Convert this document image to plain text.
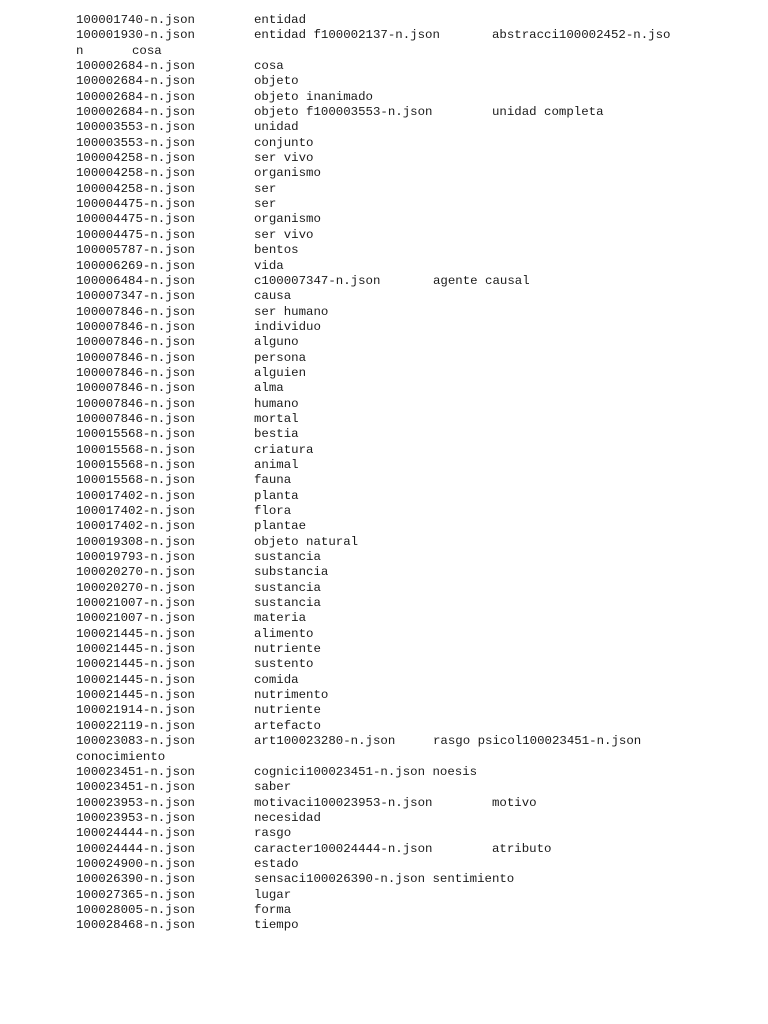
100001740-n.json	entidad
100001930-n.json	entidad f100002137-n.json	abstracci100002452-n.jso
n	cosa
100002684-n.json	cosa
100002684-n.json	objeto
100002684-n.json	objeto inanimado
100002684-n.json	objeto f100003553-n.json	unidad completa
100003553-n.json	unidad
100003553-n.json	conjunto
100004258-n.json	ser vivo
100004258-n.json	organismo
100004258-n.json	ser
100004475-n.json	ser
100004475-n.json	organismo
100004475-n.json	ser vivo
100005787-n.json	bentos
100006269-n.json	vida
100006484-n.json	c100007347-n.json	agente causal
100007347-n.json	causa
100007846-n.json	ser humano
100007846-n.json	individuo
100007846-n.json	alguno
100007846-n.json	persona
100007846-n.json	alguien
100007846-n.json	alma
100007846-n.json	humano
100007846-n.json	mortal
100015568-n.json	bestia
100015568-n.json	criatura
100015568-n.json	animal
100015568-n.json	fauna
100017402-n.json	planta
100017402-n.json	flora
100017402-n.json	plantae
100019308-n.json	objeto natural
100019793-n.json	sustancia
100020270-n.json	substancia
100020270-n.json	sustancia
100021007-n.json	sustancia
100021007-n.json	materia
100021445-n.json	alimento
100021445-n.json	nutriente
100021445-n.json	sustento
100021445-n.json	comida
100021445-n.json	nutrimento
100021914-n.json	nutriente
100022119-n.json	artefacto
100023083-n.json	art100023280-n.json	rasgo psicol100023451-n.json
conocimiento
100023451-n.json	cognici100023451-n.json noesis
100023451-n.json	saber
100023953-n.json	motivaci100023953-n.json	motivo
100023953-n.json	necesidad
100024444-n.json	rasgo
100024444-n.json	caracter100024444-n.json	atributo
100024900-n.json	estado
100026390-n.json	sensaci100026390-n.json sentimiento
100027365-n.json	lugar
100028005-n.json	forma
100028468-n.json	tiempo
